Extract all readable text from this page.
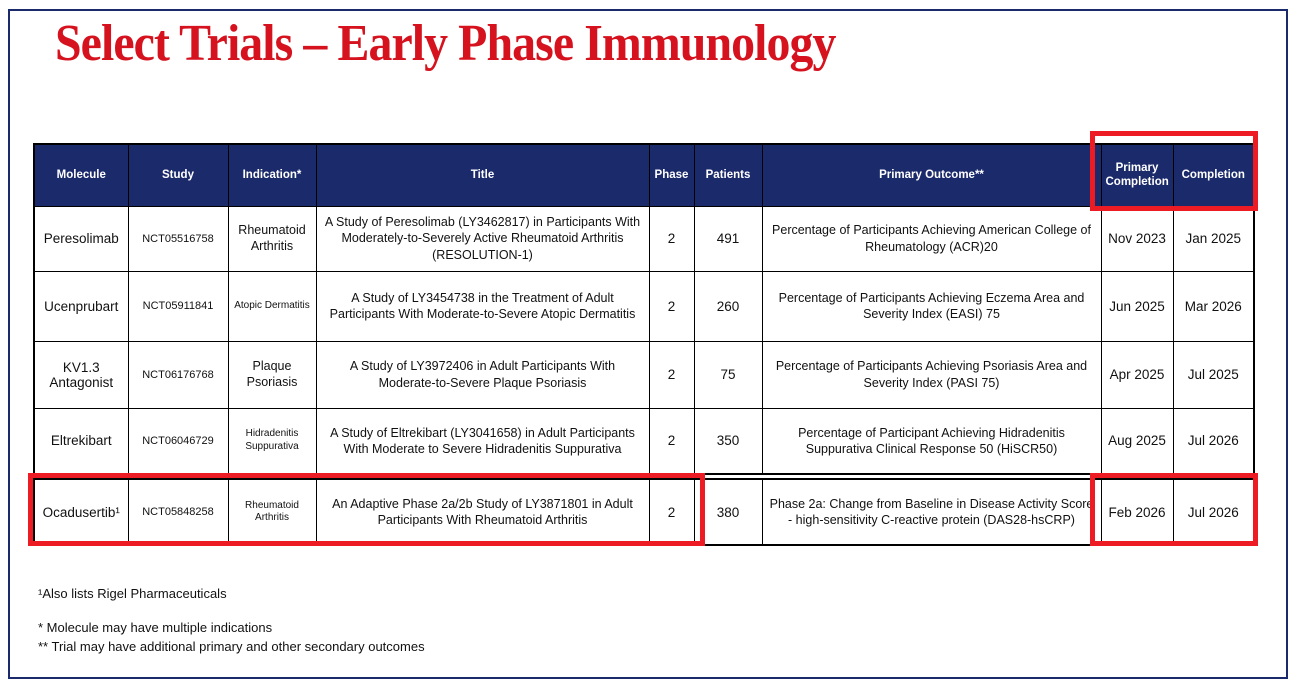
Select Trials – Early Phase Immunology
Molecule	Study	Indication*	Title	Phase	Patients	Primary Outcome**	Primary Completion	Completion
Peresolimab	NCT05516758	Rheumatoid Arthritis	A Study of Peresolimab (LY3462817) in Participants With Moderately-to-Severely Active Rheumatoid Arthritis (RESOLUTION-1)	2	491	Percentage of Participants Achieving American College of Rheumatology (ACR)20	Nov 2023	Jan 2025
Ucenprubart	NCT05911841	Atopic Dermatitis	A Study of LY3454738 in the Treatment of Adult Participants With Moderate-to-Severe Atopic Dermatitis	2	260	Percentage of Participants Achieving Eczema Area and Severity Index (EASI) 75	Jun 2025	Mar 2026
KV1.3 Antagonist	NCT06176768	Plaque Psoriasis	A Study of LY3972406 in Adult Participants With Moderate-to-Severe Plaque Psoriasis	2	75	Percentage of Participants Achieving Psoriasis Area and Severity Index (PASI 75)	Apr 2025	Jul 2025
Eltrekibart	NCT06046729	Hidradenitis Suppurativa	A Study of Eltrekibart (LY3041658) in Adult Participants With Moderate to Severe Hidradenitis Suppurativa	2	350	Percentage of Participant Achieving Hidradenitis Suppurativa Clinical Response 50 (HiSCR50)	Aug 2025	Jul 2026
Ocadusertib¹	NCT05848258	Rheumatoid Arthritis	An Adaptive Phase 2a/2b Study of LY3871801 in Adult Participants With Rheumatoid Arthritis	2	380	Phase 2a: Change from Baseline in Disease Activity Score - high-sensitivity C-reactive protein (DAS28-hsCRP)	Feb 2026	Jul 2026

¹Also lists Rigel Pharmaceuticals

* Molecule may have multiple indications

** Trial may have additional primary and other secondary outcomes
